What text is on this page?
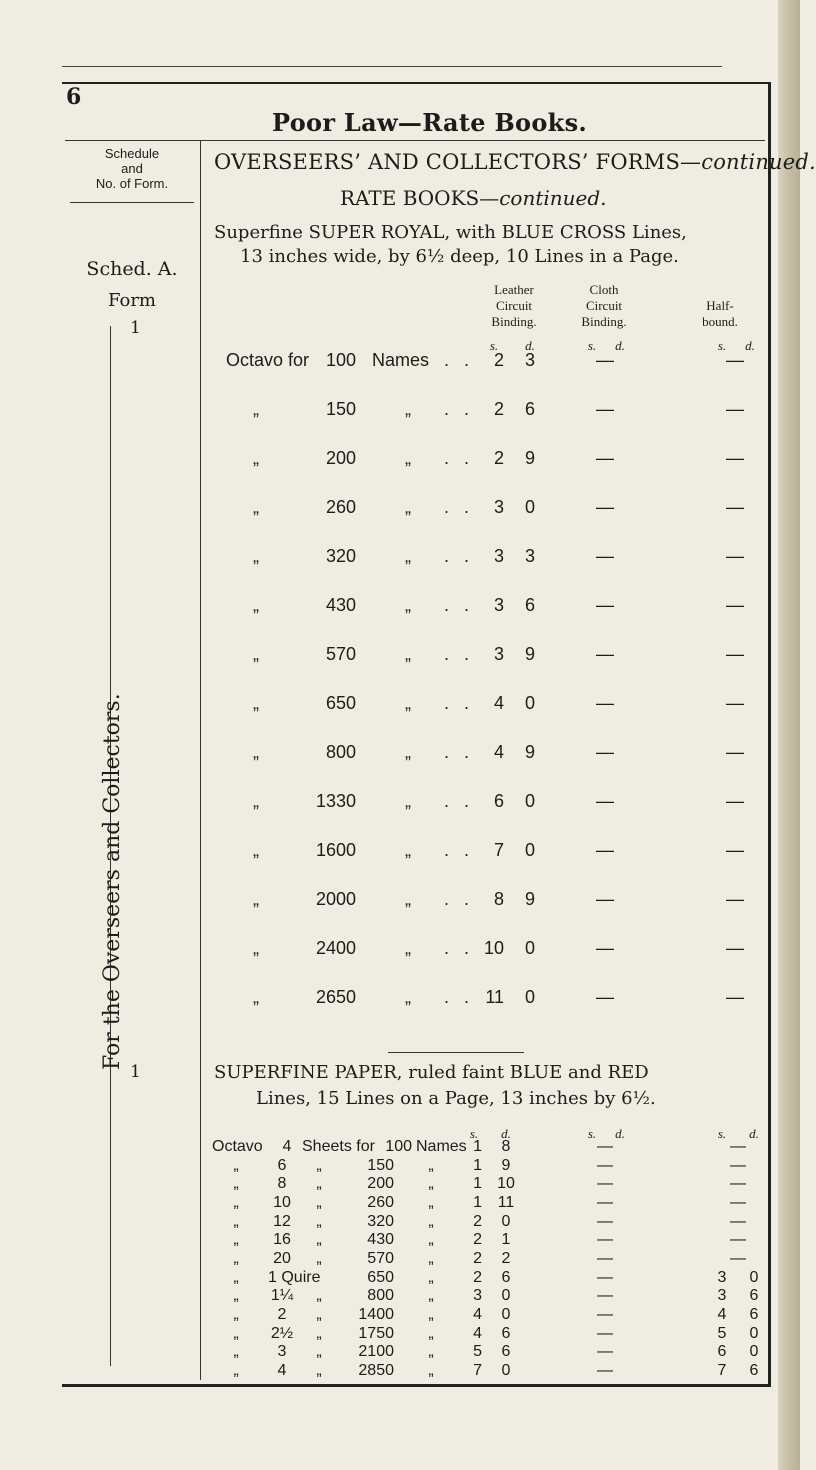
6
Poor Law—Rate Books.
Schedule
and
No. of Form.
Sched. A.
Form
1
1
For the Overseers and Collectors.
OVERSEERS’ AND COLLECTORS’ FORMS—continued.
RATE BOOKS—continued.
Superfine SUPER ROYAL, with BLUE CROSS Lines,
13 inches wide, by 6½ deep, 10 Lines in a Page.
Leather
Circuit
Binding.
Cloth
Circuit
Binding.
Half-
bound.
s.	d.	s.	d.	s.	d.
Octavo for 100 Names . .	2 3	—	—
„	150	„	. .	2 6	—	—
„	200	„	. .	2 9	—	—
„	260	„	. .	3 0	—	—
„	320	„	. .	3 3	—	—
„	430	„	. .	3 6	—	—
„	570	„	. .	3 9	—	—
„	650	„	. .	4 0	—	—
„	800	„	. .	4 9	—	—
„	1330	„	. .	6 0	—	—
„	1600	„	. .	7 0	—	—
„	2000	„	. .	8 9	—	—
„	2400	„	. . 10 0	—	—
„	2650	„	. . 11 0	—	—
SUPERFINE PAPER, ruled faint BLUE and RED
Lines, 15 Lines on a Page, 13 inches by 6½.
s.	d.	s.	d.	s.	d.
Octavo	4 Sheets for 100 Names 1	8	—	—
„	6	„	150	„	1	9	—	—
„	8	„	200	„	1 10	—	—
„	10	„	260	„	1 11	—	—
„	12	„	320	„	2	0	—	—
„	16	„	430	„	2	1	—	—
„	20	„	570	„	2	2	—	—
„	1 Quire	650	„	2	6	—	3	0
„	1¼	„	800	„	3	0	—	3	6
„	2	„	1400	„	4	0	—	4	6
„	2½	„	1750	„	4	6	—	5	0
„	3	„	2100	„	5	6	—	6	0
„	4	„	2850	„	7	0	—	7	6
